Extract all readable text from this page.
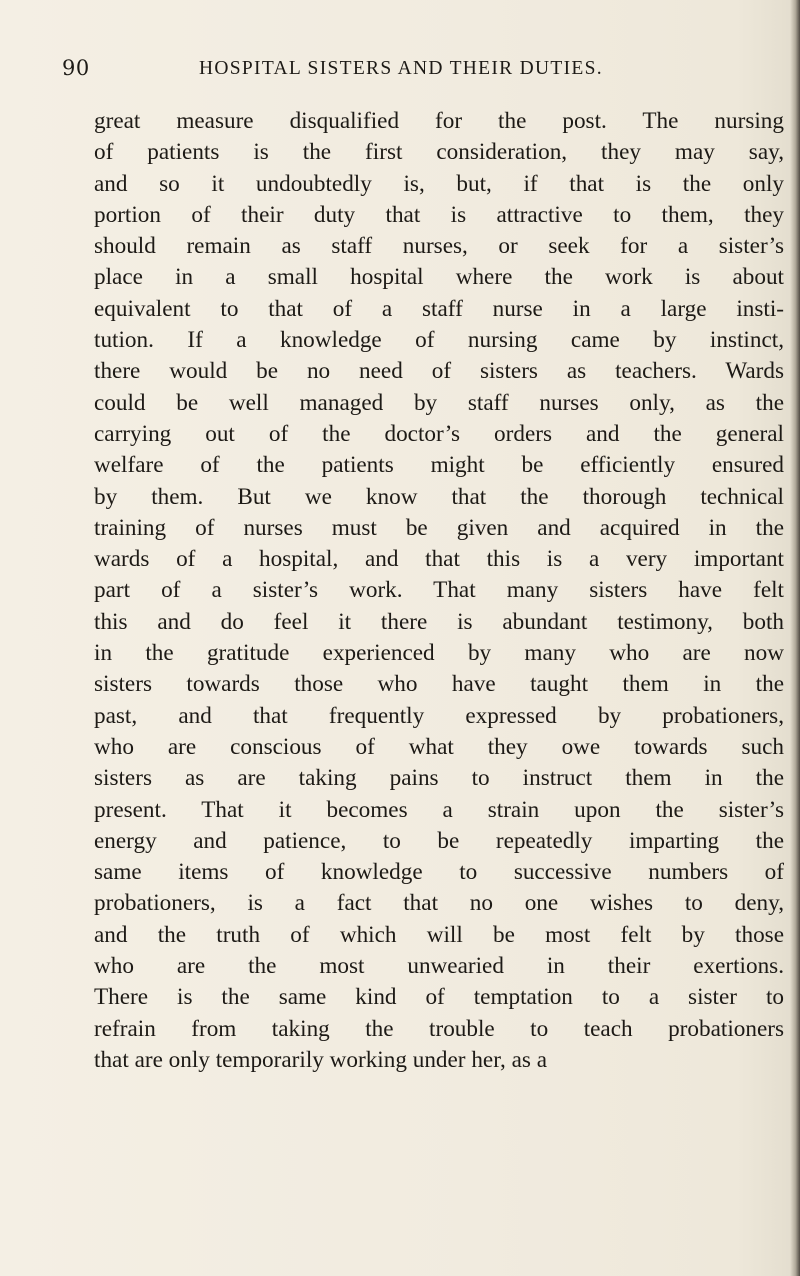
90	HOSPITAL SISTERS AND THEIR DUTIES.
great measure disqualified for the post. The nursing
of patients is the first consideration, they may say,
and so it undoubtedly is, but, if that is the only
portion of their duty that is attractive to them, they
should remain as staff nurses, or seek for a sister’s
place in a small hospital where the work is about
equivalent to that of a staff nurse in a large insti-
tution. If a knowledge of nursing came by instinct,
there would be no need of sisters as teachers. Wards
could be well managed by staff nurses only, as the
carrying out of the doctor’s orders and the general
welfare of the patients might be efficiently ensured
by them. But we know that the thorough technical
training of nurses must be given and acquired in the
wards of a hospital, and that this is a very important
part of a sister’s work. That many sisters have felt
this and do feel it there is abundant testimony, both
in the gratitude experienced by many who are now
sisters towards those who have taught them in the
past, and that frequently expressed by probationers,
who are conscious of what they owe towards such
sisters as are taking pains to instruct them in the
present. That it becomes a strain upon the sister’s
energy and patience, to be repeatedly imparting the
same items of knowledge to successive numbers of
probationers, is a fact that no one wishes to deny,
and the truth of which will be most felt by those
who are the most unwearied in their exertions.
There is the same kind of temptation to a sister to
refrain from taking the trouble to teach probationers
that are only temporarily working under her, as a
